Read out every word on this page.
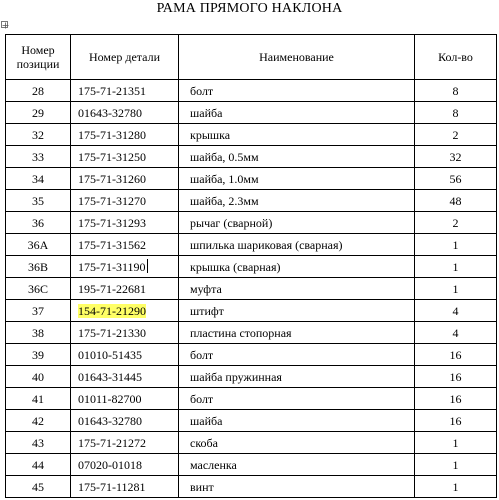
РАМА ПРЯМОГО НАКЛОНА
Номер позиции	Номер детали	Наименование	Кол-во
28	175-71-21351	болт	8
29	01643-32780	шайба	8
32	175-71-31280	крышка	2
33	175-71-31250	шайба, 0.5мм	32
34	175-71-31260	шайба, 1.0мм	56
35	175-71-31270	шайба, 2.3мм	48
36	175-71-31293	рычаг (сварной)	2
36A	175-71-31562	шпилька шариковая (сварная)	1
36B	175-71-31190	крышка (сварная)	1
36C	195-71-22681	муфта	1
37	154-71-21290	штифт	4
38	175-71-21330	пластина стопорная	4
39	01010-51435	болт	16
40	01643-31445	шайба пружинная	16
41	01011-82700	болт	16
42	01643-32780	шайба	16
43	175-71-21272	скоба	1
44	07020-01018	масленка	1
45	175-71-11281	винт	1
